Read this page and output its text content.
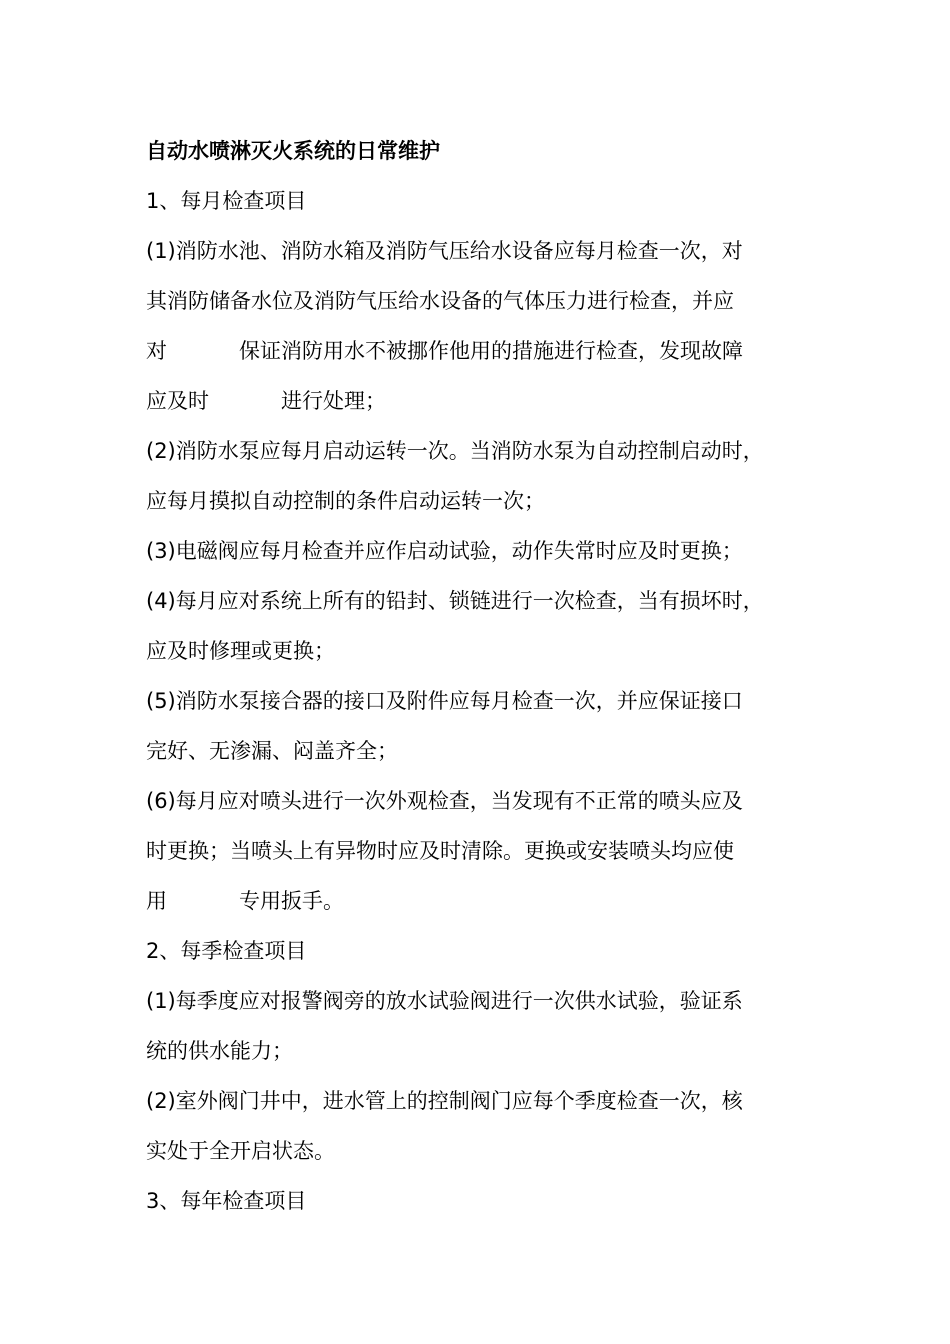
自动水喷淋灭火系统的日常维护
1、每月检查项目
(1)消防水池、消防水箱及消防气压给水设备应每月检查一次，对
其消防储备水位及消防气压给水设备的气体压力进行检查，并应
对	保证消防用水不被挪作他用的措施进行检查，发现故障
应及时	进行处理；
(2)消防水泵应每月启动运转一次。当消防水泵为自动控制启动时，
应每月摸拟自动控制的条件启动运转一次；
(3)电磁阀应每月检查并应作启动试验，动作失常时应及时更换；
(4)每月应对系统上所有的铅封、锁链进行一次检查，当有损坏时，
应及时修理或更换；
(5)消防水泵接合器的接口及附件应每月检查一次，并应保证接口
完好、无渗漏、闷盖齐全；
(6)每月应对喷头进行一次外观检查，当发现有不正常的喷头应及
时更换；当喷头上有异物时应及时清除。更换或安装喷头均应使
用	专用扳手。
2、每季检查项目
(1)每季度应对报警阀旁的放水试验阀进行一次供水试验，验证系
统的供水能力；
(2)室外阀门井中，进水管上的控制阀门应每个季度检查一次，核
实处于全开启状态。
3、每年检查项目
